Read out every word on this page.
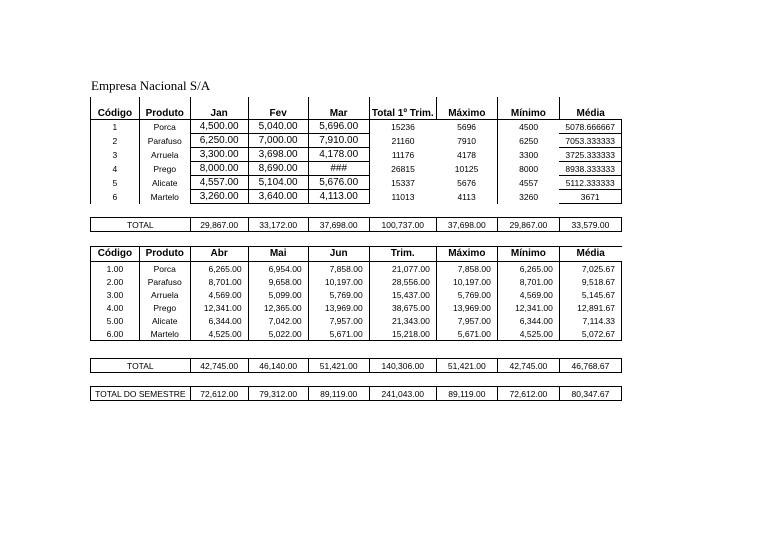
Empresa Nacional S/A
Código	Produto	Jan	Fev	Mar	Total 1º Trim.	Máximo	Mínimo	Média
1	Porca	4,500.00	5,040.00	5,696.00	15236	5696	4500	5078.666667
2	Parafuso	6,250.00	7,000.00	7,910.00	21160	7910	6250	7053.333333
3	Arruela	3,300.00	3,698.00	4,178.00	11176	4178	3300	3725.333333
4	Prego	8,000.00	8,690.00	###	26815	10125	8000	8938.333333
5	Alicate	4,557.00	5,104.00	5,676.00	15337	5676	4557	5112.333333
6	Martelo	3,260.00	3,640.00	4,113.00	11013	4113	3260	3671
TOTAL	29,867.00	33,172.00	37,698.00	100,737.00	37,698.00	29,867.00	33,579.00
Código	Produto	Abr	Mai	Jun	Trim.	Máximo	Mínimo	Média
1.00	Porca	6,265.00	6,954.00	7,858.00	21,077.00	7,858.00	6,265.00	7,025.67
2.00	Parafuso	8,701.00	9,658.00	10,197.00	28,556.00	10,197.00	8,701.00	9,518.67
3.00	Arruela	4,569.00	5,099.00	5,769.00	15,437.00	5,769.00	4,569.00	5,145.67
4.00	Prego	12,341.00	12,365.00	13,969.00	38,675.00	13,969.00	12,341.00	12,891.67
5.00	Alicate	6,344.00	7,042.00	7,957.00	21,343.00	7,957.00	6,344.00	7,114.33
6.00	Martelo	4,525.00	5,022.00	5,671.00	15,218.00	5,671.00	4,525.00	5,072.67
TOTAL	42,745.00	46,140.00	51,421.00	140,306.00	51,421.00	42,745.00	46,768.67
TOTAL DO SEMESTRE	72,612.00	79,312.00	89,119.00	241,043.00	89,119.00	72,612.00	80,347.67
